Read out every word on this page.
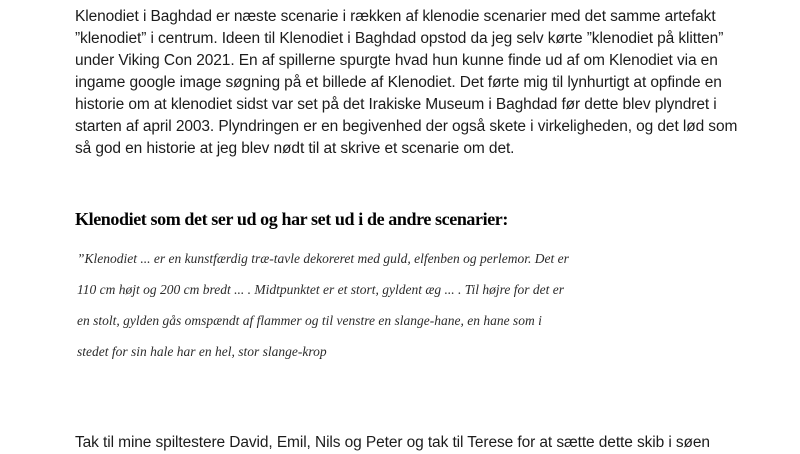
Klenodiet i Baghdad er næste scenarie i rækken af klenodie scenarier med det samme artefakt
”klenodiet” i centrum. Ideen til Klenodiet i Baghdad opstod da jeg selv kørte ”klenodiet på klitten”
under Viking Con 2021. En af spillerne spurgte hvad hun kunne finde ud af om Klenodiet via en
ingame google image søgning på et billede af Klenodiet. Det førte mig til lynhurtigt at opfinde en
historie om at klenodiet sidst var set på det Irakiske Museum i Baghdad før dette blev plyndret i
starten af april 2003. Plyndringen er en begivenhed der også skete i virkeligheden, og det lød som
så god en historie at jeg blev nødt til at skrive et scenarie om det.
Klenodiet som det ser ud og har set ud i de andre scenarier:
”Klenodiet ... er en kunstfærdig træ-tavle dekoreret med guld, elfenben og perlemor. Det er
110 cm højt og 200 cm bredt ... . Midtpunktet er et stort, gyldent æg ... . Til højre for det er
en stolt, gylden gås omspændt af flammer og til venstre en slange-hane, en hane som i
stedet for sin hale har en hel, stor slange-krop
Tak til mine spiltestere David, Emil, Nils og Peter og tak til Terese for at sætte dette skib i søen
